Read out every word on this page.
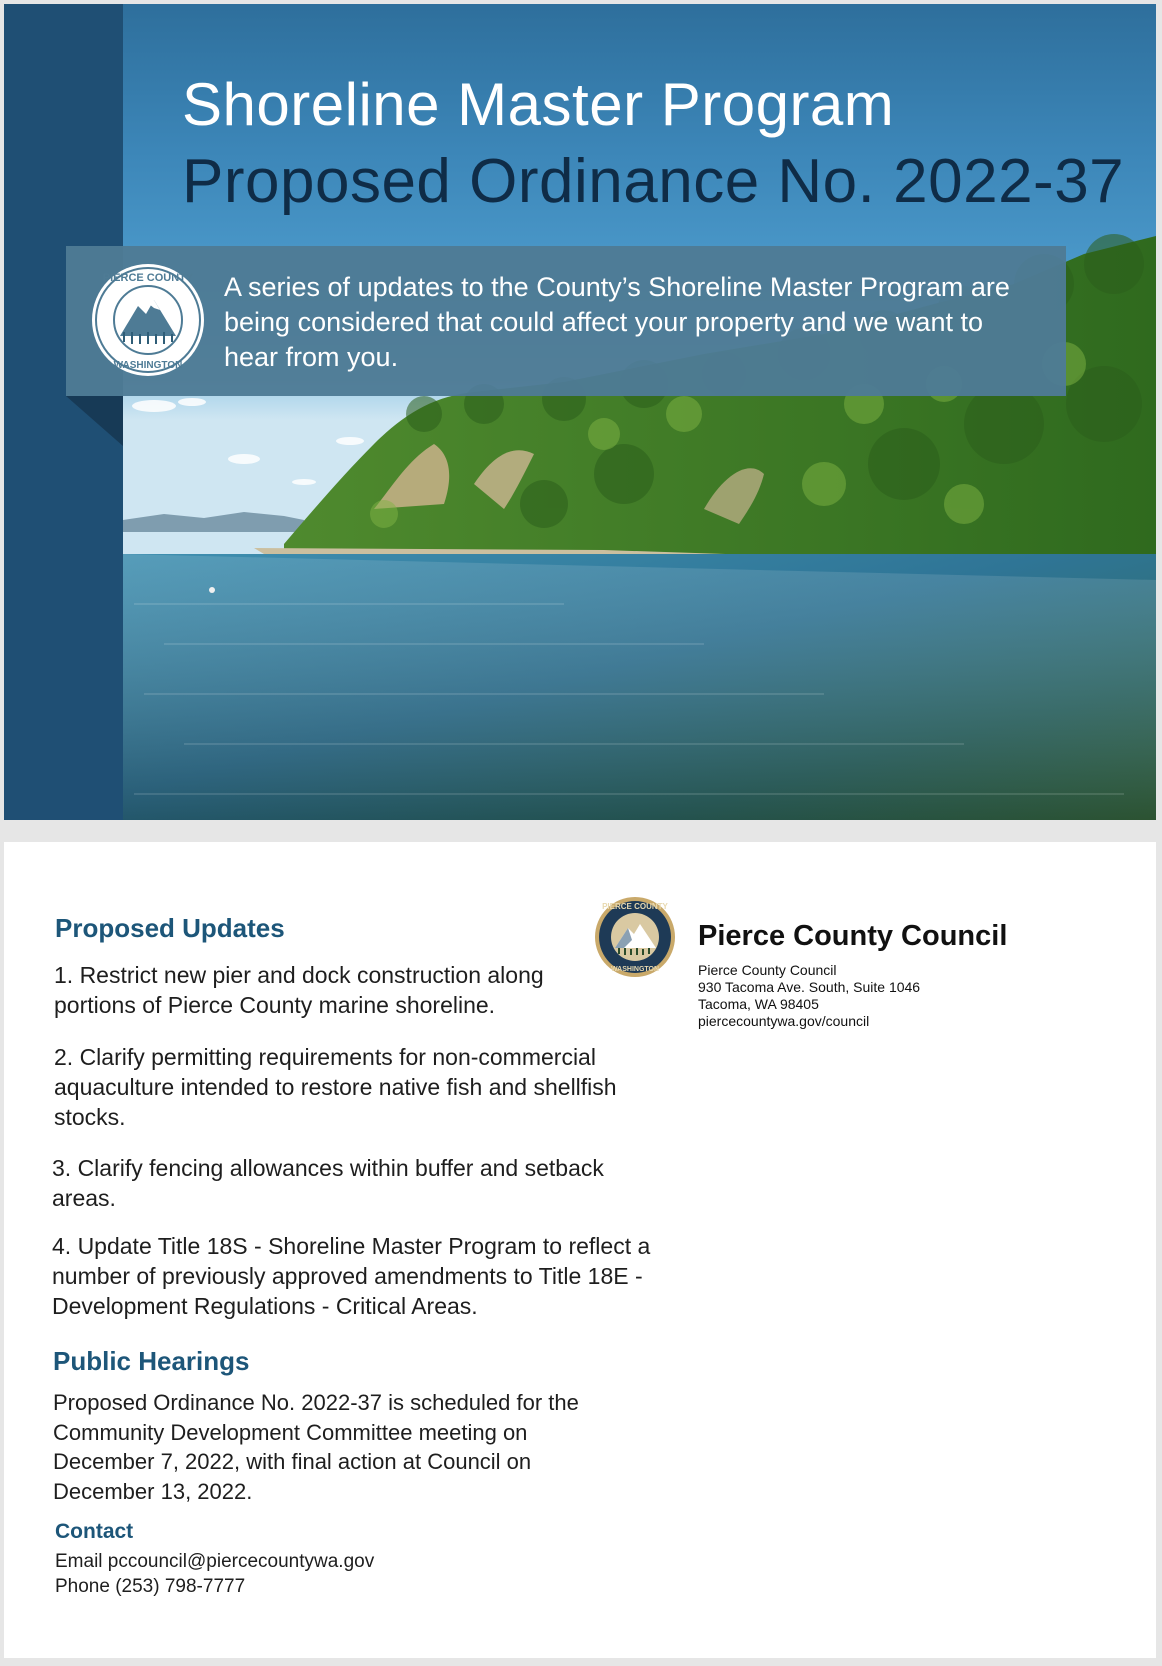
Shoreline Master Program
Proposed Ordinance No. 2022-37
PIERCE COUNTY
WASHINGTON
A series of updates to the County’s Shoreline Master Program are being considered that could affect your property and we want to hear from you.
Proposed Updates
1. Restrict new pier and dock construction along portions of Pierce County marine shoreline.
2. Clarify permitting requirements for non-commercial aquaculture intended to restore native fish and shellfish stocks.
3. Clarify fencing allowances within buffer and setback areas.
4. Update Title 18S - Shoreline Master Program to reflect a number of previously approved amendments to Title 18E - Development Regulations - Critical Areas.
Public Hearings
Proposed Ordinance No. 2022-37 is scheduled for the Community Development Committee meeting on December 7, 2022, with final action at Council on December 13, 2022.
Contact
Email pccouncil@piercecountywa.gov
Phone (253) 798-7777
PIERCE COUNTY
WASHINGTON
Pierce County Council
Pierce County Council
930 Tacoma Ave. South, Suite 1046
Tacoma, WA 98405
piercecountywa.gov/council
